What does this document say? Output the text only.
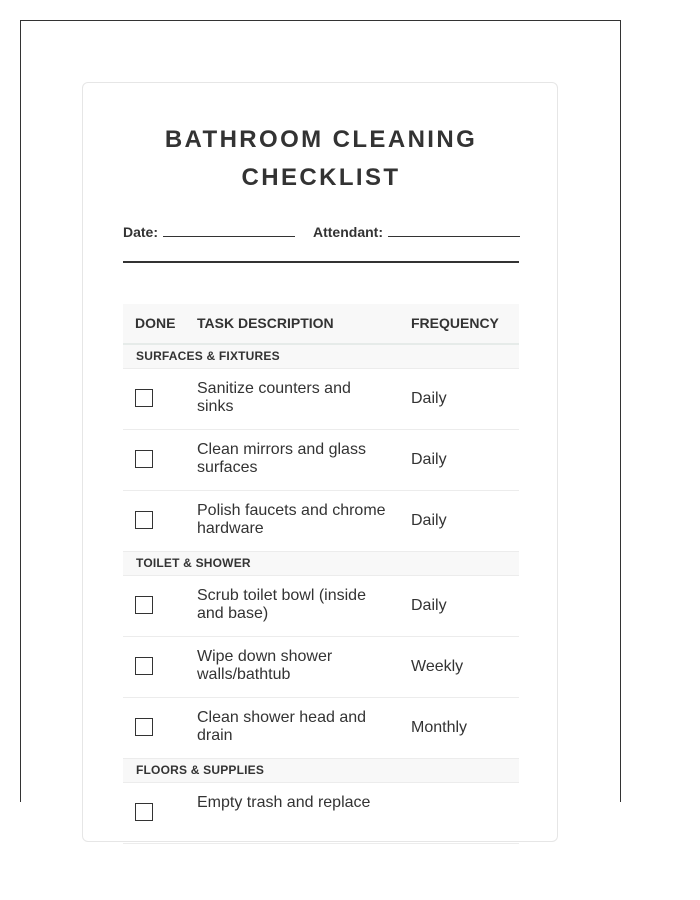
BATHROOM CLEANING
CHECKLIST
Date:	Attendant:
DONE TASK DESCRIPTION	FREQUENCY
SURFACES & FIXTURES
Sanitize counters and sinks	Daily
Clean mirrors and glass surfaces	Daily
Polish faucets and chrome hardware	Daily
TOILET & SHOWER
Scrub toilet bowl (inside and base)	Daily
Wipe down shower walls/bathtub	Weekly
Clean shower head and drain	Monthly
FLOORS & SUPPLIES
Empty trash and replace
